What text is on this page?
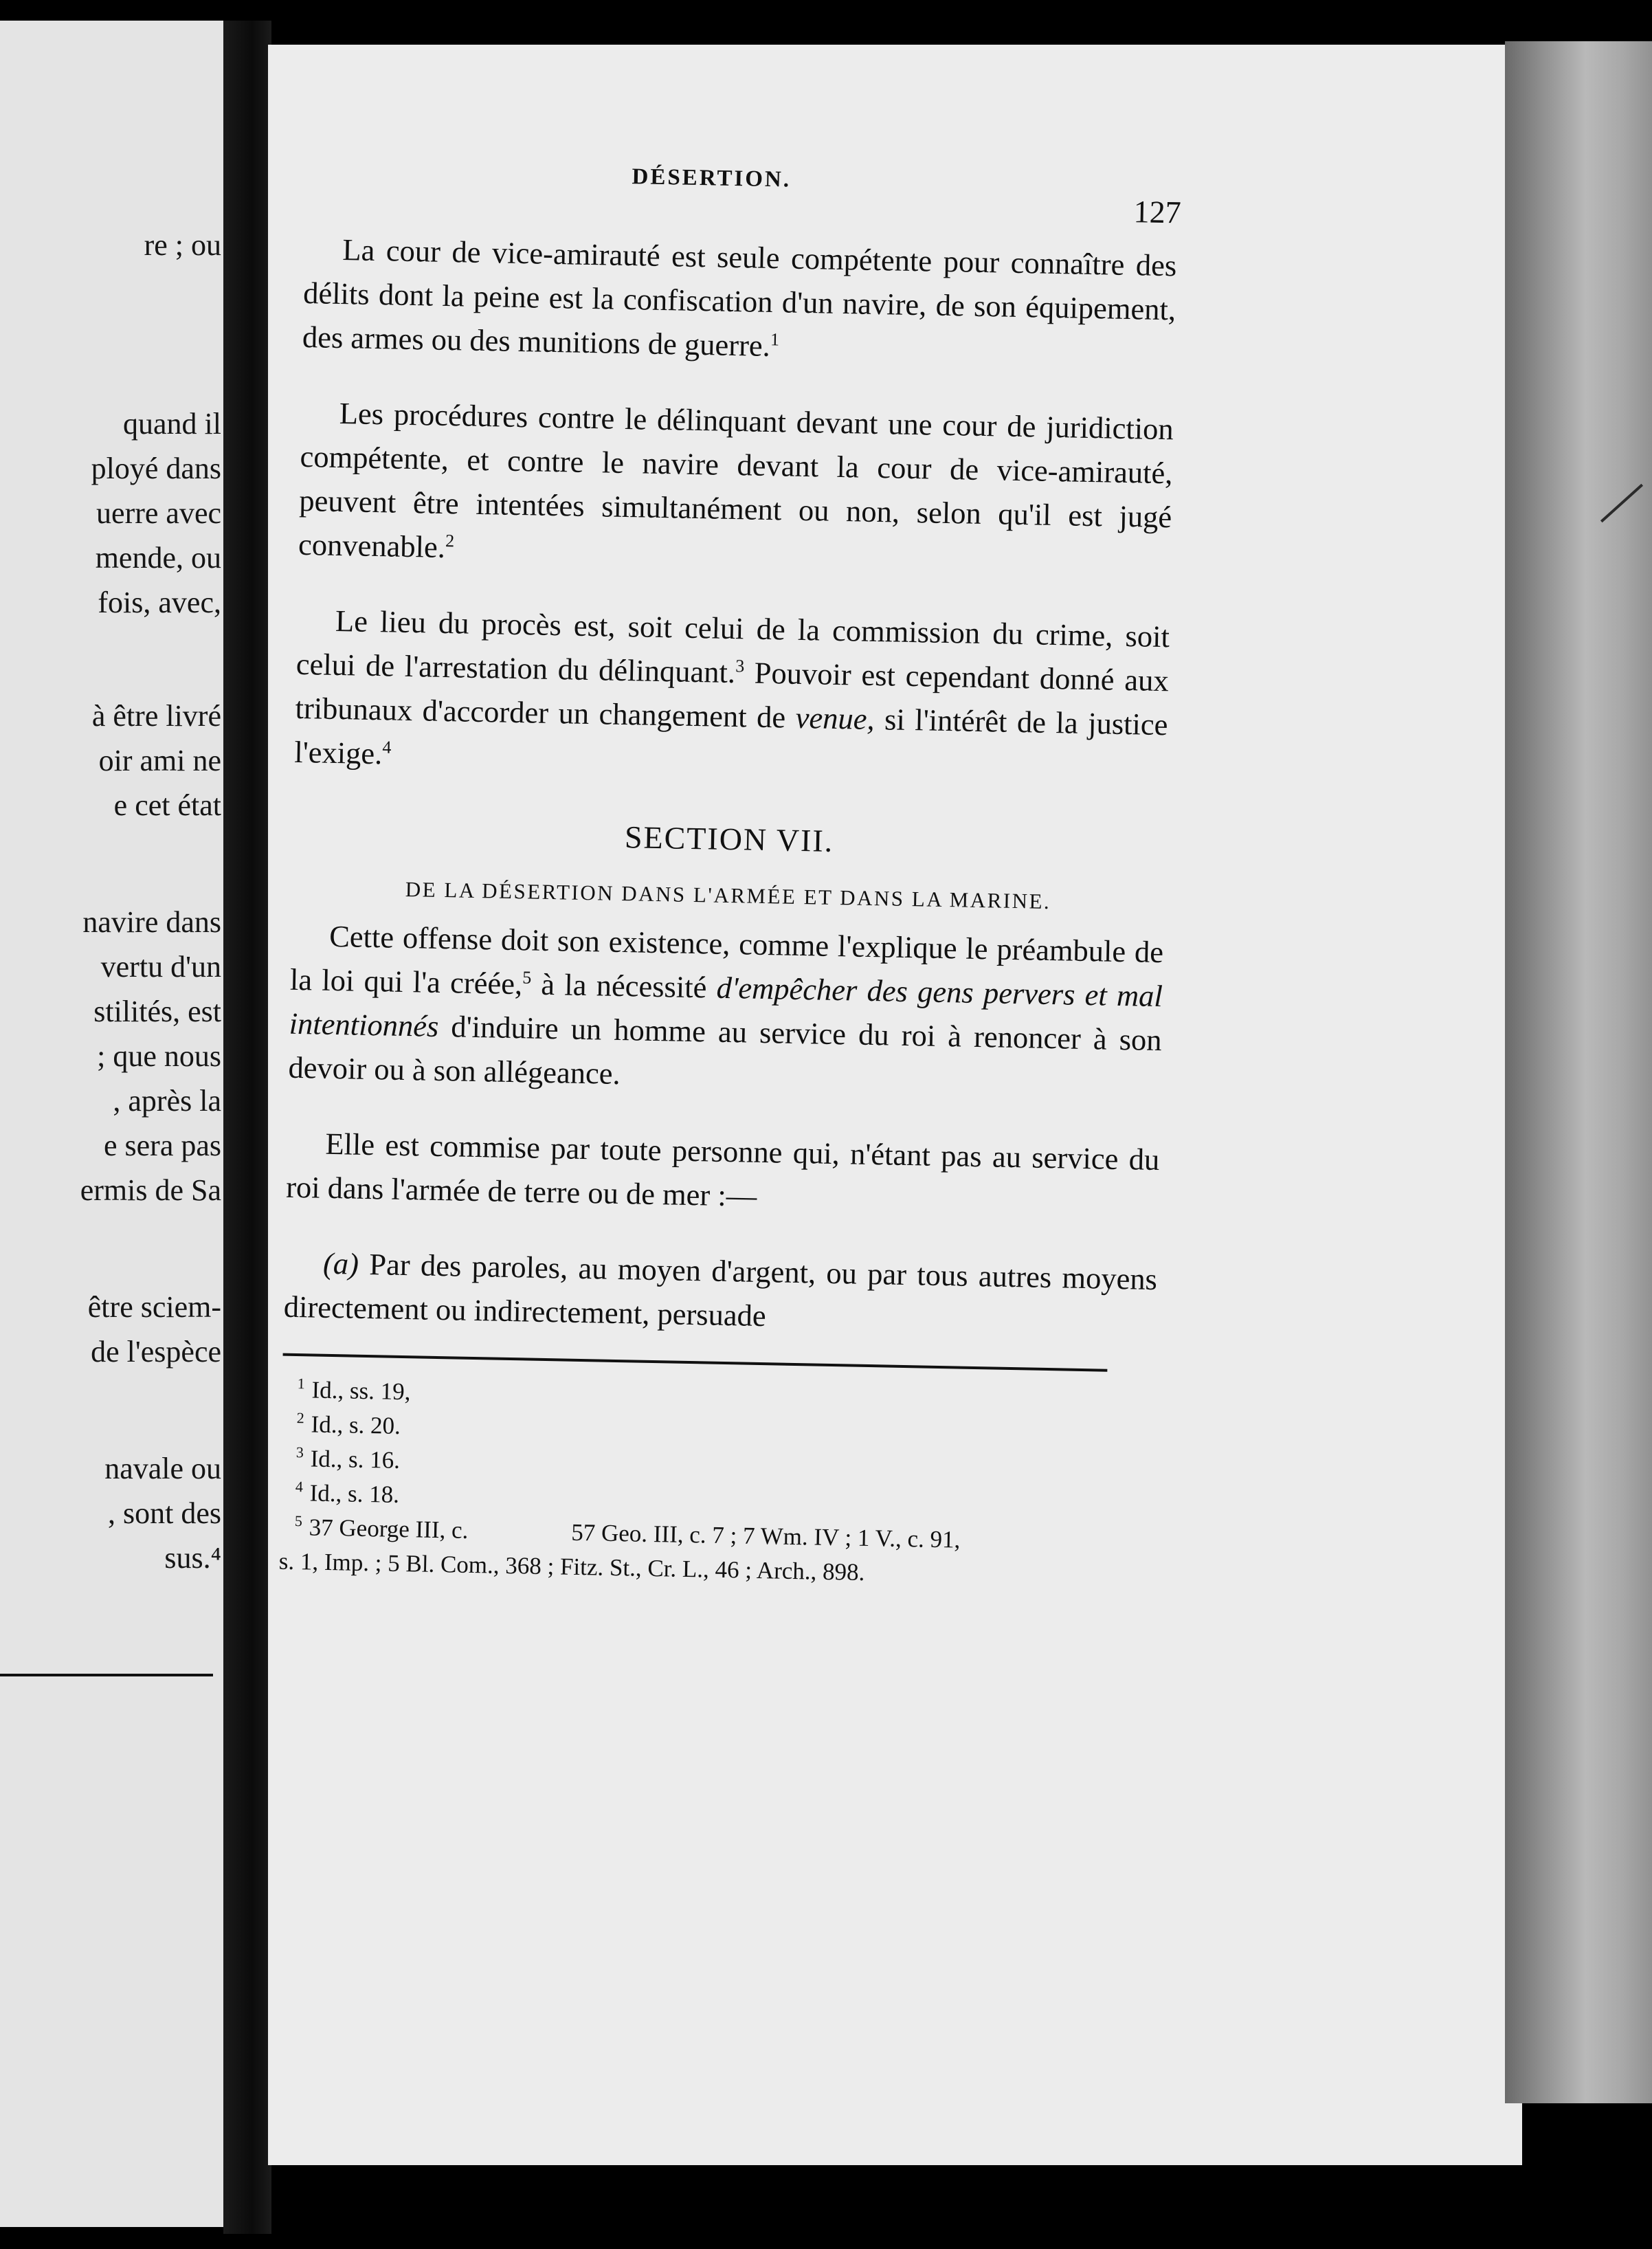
re ; ou
quand il
ployé dans
uerre avec
mende, ou
fois, avec,
à être livré
oir ami ne
e cet état
navire dans
vertu d'un
stilités, est
; que nous
, après la
e sera pas
ermis de Sa
être sciem-
de l'espèce
navale ou
, sont des
sus.⁴
DÉSERTION.
127

La cour de vice-amirauté est seule compétente pour connaître des délits dont la peine est la confiscation d'un navire, de son équipement, des armes ou des munitions de guerre.$^1$

Les procédures contre le délinquant devant une cour de juridiction compétente, et contre le navire devant la cour de vice-amirauté, peuvent être intentées simultanément ou non, selon qu'il est jugé convenable.$^2$

Le lieu du procès est, soit celui de la commission du crime, soit celui de l'arrestation du délinquant.$^3$ Pouvoir est cependant donné aux tribunaux d'accorder un changement de venue, si l'intérêt de la justice l'exige.$^4$

SECTION VII.
DE LA DÉSERTION DANS L'ARMÉE ET DANS LA MARINE.

Cette offense doit son existence, comme l'explique le préambule de la loi qui l'a créée,$^5$ à la nécessité d'empêcher des gens pervers et mal intentionnés d'induire un homme au service du roi à renoncer à son devoir ou à son allégeance.

Elle est commise par toute personne qui, n'étant pas au service du roi dans l'armée de terre ou de mer :—

(a) Par des paroles, au moyen d'argent, ou par tous autres moyens directement ou indirectement, persuade

$^1$ Id., ss. 19,

$^2$ Id., s. 20.

$^3$ Id., s. 16.

$^4$ Id., s. 18.

$^5$ 37 George III, c.	57 Geo. III, c. 7 ; 7 Wm. IV ; 1 V., c. 91,

s. 1, Imp. ; 5 Bl. Com., 368 ; Fitz. St., Cr. L., 46 ; Arch., 898.
